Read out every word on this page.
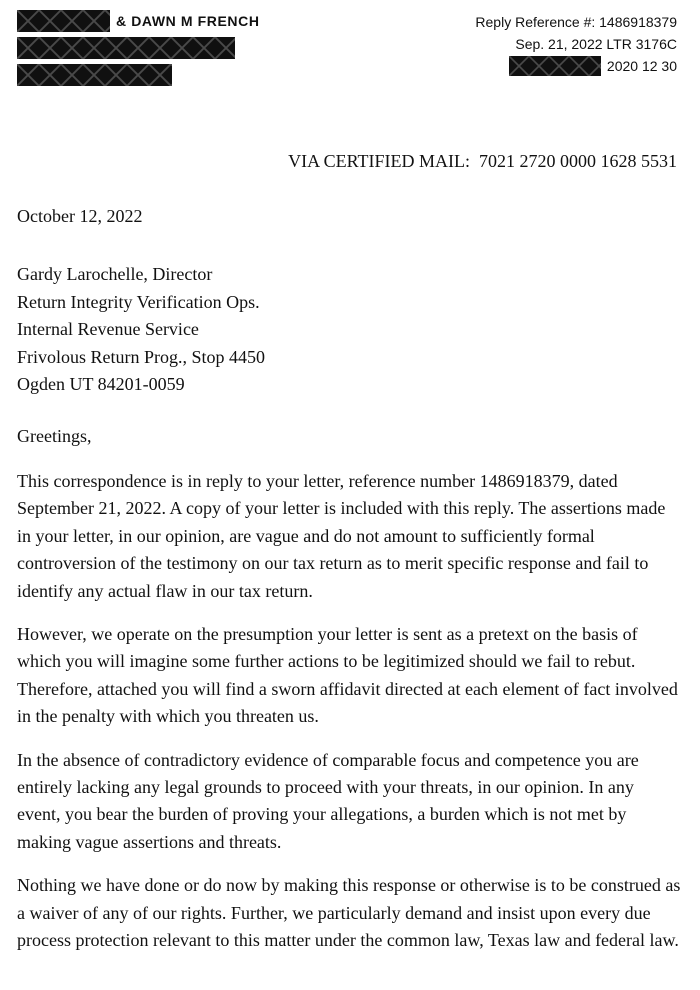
& DAWN M FRENCH	Reply Reference #: 1486918379
Sep. 21, 2022 LTR 3176C
2020 12 30
VIA CERTIFIED MAIL:  7021 2720 0000 1628 5531
October 12, 2022
Gardy Larochelle, Director
Return Integrity Verification Ops.
Internal Revenue Service
Frivolous Return Prog., Stop 4450
Ogden UT 84201-0059
Greetings,

This correspondence is in reply to your letter, reference number 1486918379, dated September 21, 2022. A copy of your letter is included with this reply. The assertions made in your letter, in our opinion, are vague and do not amount to sufficiently formal controversion of the testimony on our tax return as to merit specific response and fail to identify any actual flaw in our tax return.

However, we operate on the presumption your letter is sent as a pretext on the basis of which you will imagine some further actions to be legitimized should we fail to rebut. Therefore, attached you will find a sworn affidavit directed at each element of fact involved in the penalty with which you threaten us.

In the absence of contradictory evidence of comparable focus and competence you are entirely lacking any legal grounds to proceed with your threats, in our opinion. In any event, you bear the burden of proving your allegations, a burden which is not met by making vague assertions and threats.

Nothing we have done or do now by making this response or otherwise is to be construed as a waiver of any of our rights. Further, we particularly demand and insist upon every due process protection relevant to this matter under the common law, Texas law and federal law.
